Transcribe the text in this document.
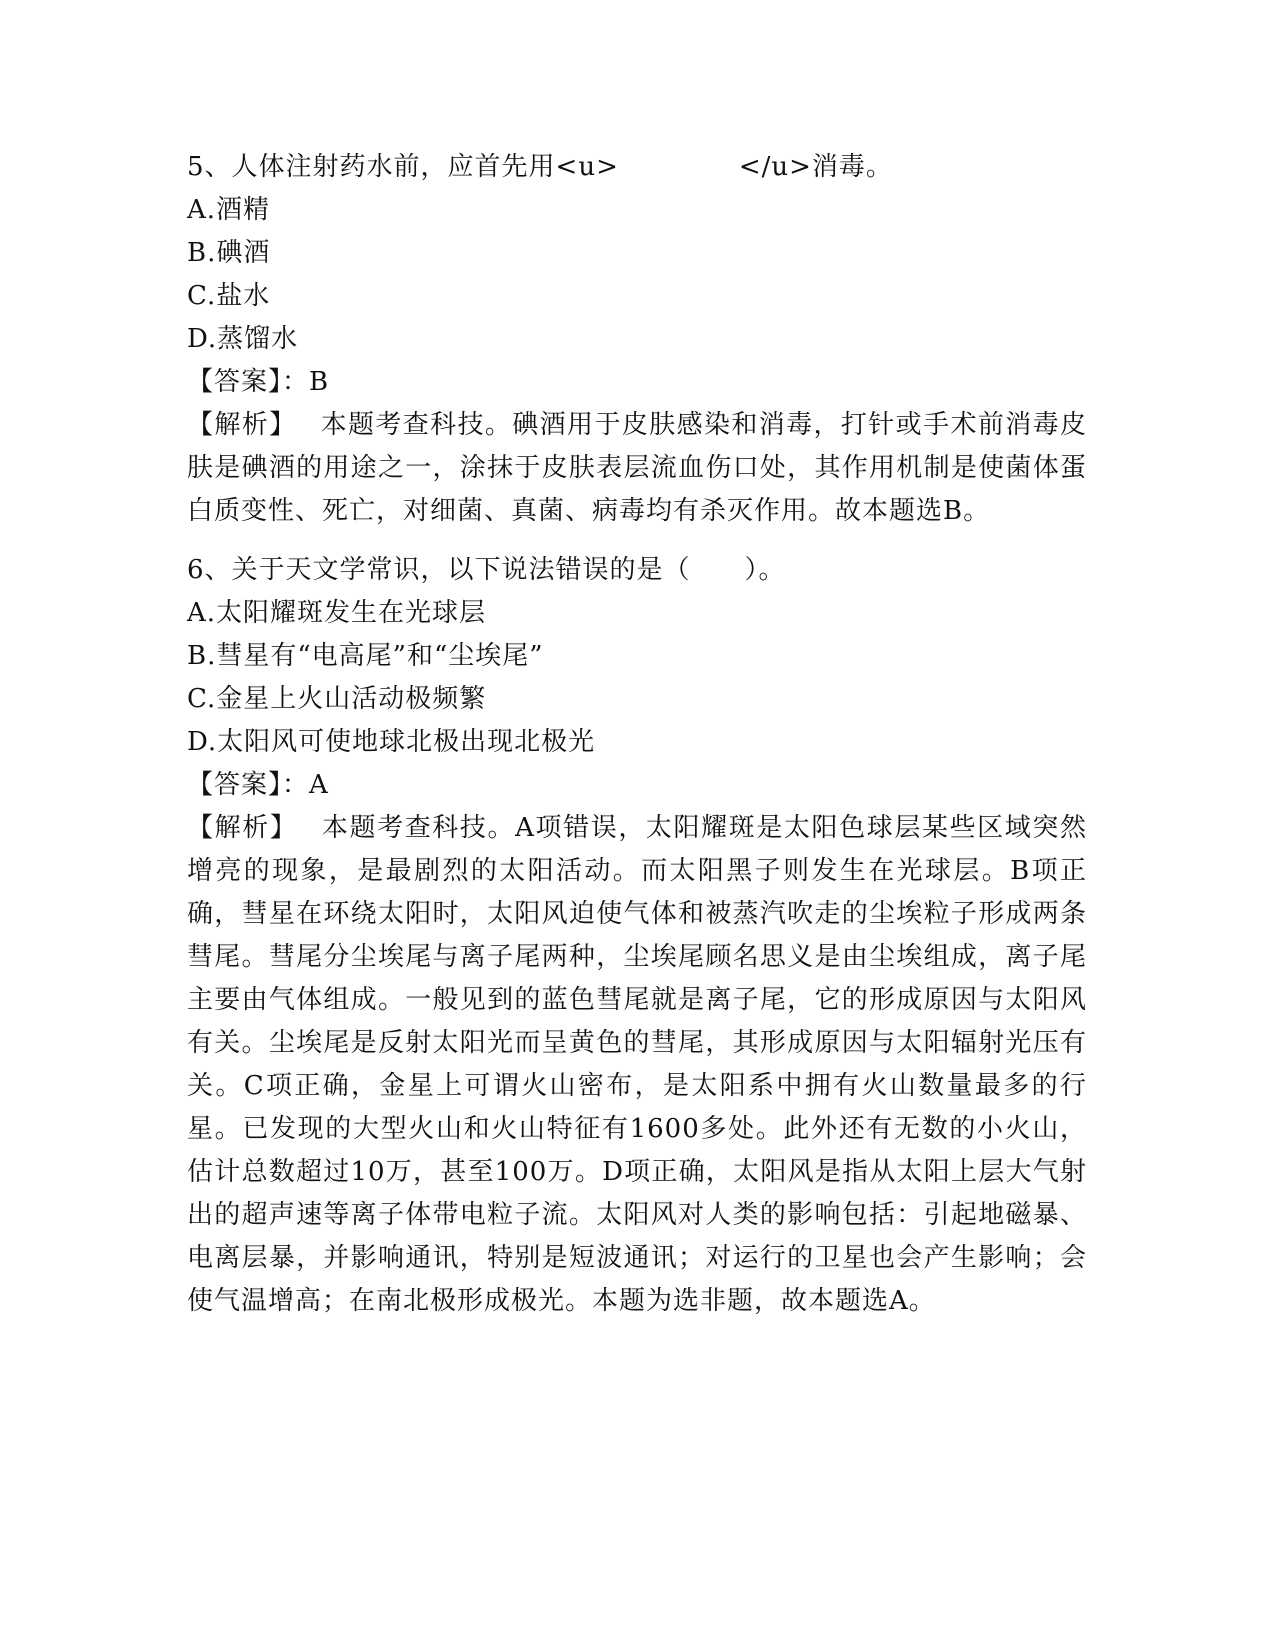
5、人体注射药水前，应首先用<u>	</u>消毒。
A.酒精
B.碘酒
C.盐水
D.蒸馏水
【答案】：B
【解析】　 本题考查科技。碘酒用于皮肤感染和消毒，打针或手术前消毒皮肤是碘酒的用途之一，涂抹于皮肤表层流血伤口处，其作用机制是使菌体蛋白质变性、死亡，对细菌、真菌、病毒均有杀灭作用。故本题选B。
6、关于天文学常识，以下说法错误的是（　　）。
A.太阳耀斑发生在光球层
B.彗星有“电高尾”和“尘埃尾”
C.金星上火山活动极频繁
D.太阳风可使地球北极出现北极光
【答案】：A
【解析】　 本题考查科技。A项错误，太阳耀斑是太阳色球层某些区域突然增亮的现象，是最剧烈的太阳活动。而太阳黑子则发生在光球层。B项正确，彗星在环绕太阳时，太阳风迫使气体和被蒸汽吹走的尘埃粒子形成两条彗尾。彗尾分尘埃尾与离子尾两种，尘埃尾顾名思义是由尘埃组成，离子尾主要由气体组成。一般见到的蓝色彗尾就是离子尾，它的形成原因与太阳风有关。尘埃尾是反射太阳光而呈黄色的彗尾，其形成原因与太阳辐射光压有关。C项正确，金星上可谓火山密布，是太阳系中拥有火山数量最多的行星。已发现的大型火山和火山特征有1600多处。此外还有无数的小火山，估计总数超过10万，甚至100万。D项正确，太阳风是指从太阳上层大气射出的超声速等离子体带电粒子流。太阳风对人类的影响包括：引起地磁暴、电离层暴，并影响通讯，特别是短波通讯；对运行的卫星也会产生影响；会使气温增高；在南北极形成极光。本题为选非题，故本题选A。
